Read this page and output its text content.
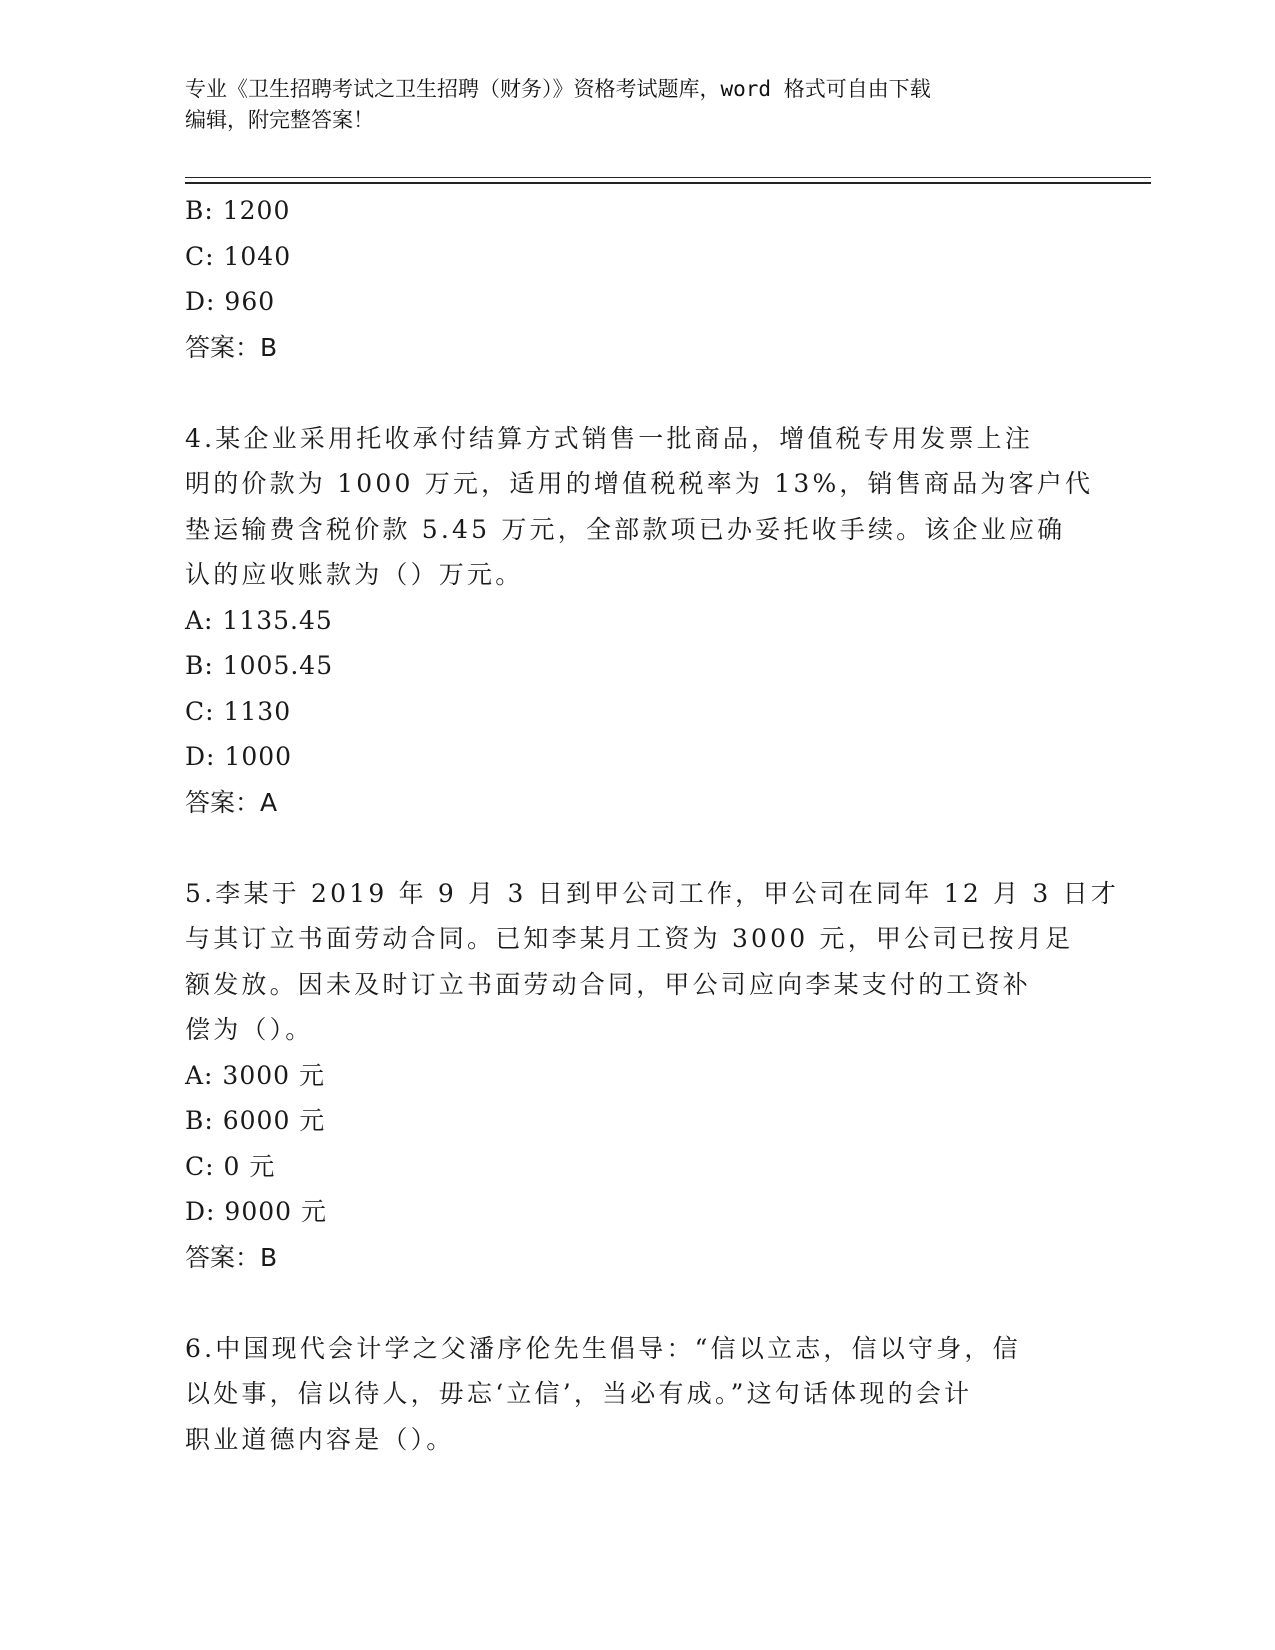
专业《卫生招聘考试之卫生招聘（财务）》资格考试题库，word 格式可自由下载
编辑，附完整答案！
B: 1200
C: 1040
D: 960
答案：B
4.某企业采用托收承付结算方式销售一批商品，增值税专用发票上注
明的价款为 1000 万元，适用的增值税税率为 13%，销售商品为客户代
垫运输费含税价款 5.45 万元，全部款项已办妥托收手续。该企业应确
认的应收账款为（）万元。
A: 1135.45
B: 1005.45
C: 1130
D: 1000
答案：A
5.李某于 2019 年 9 月 3 日到甲公司工作，甲公司在同年 12 月 3 日才
与其订立书面劳动合同。已知李某月工资为 3000 元，甲公司已按月足
额发放。因未及时订立书面劳动合同，甲公司应向李某支付的工资补
偿为（）。
A: 3000 元
B: 6000 元
C: 0 元
D: 9000 元
答案：B
6.中国现代会计学之父潘序伦先生倡导：“信以立志，信以守身，信
以处事，信以待人，毋忘‘立信’，当必有成。”这句话体现的会计
职业道德内容是（）。
